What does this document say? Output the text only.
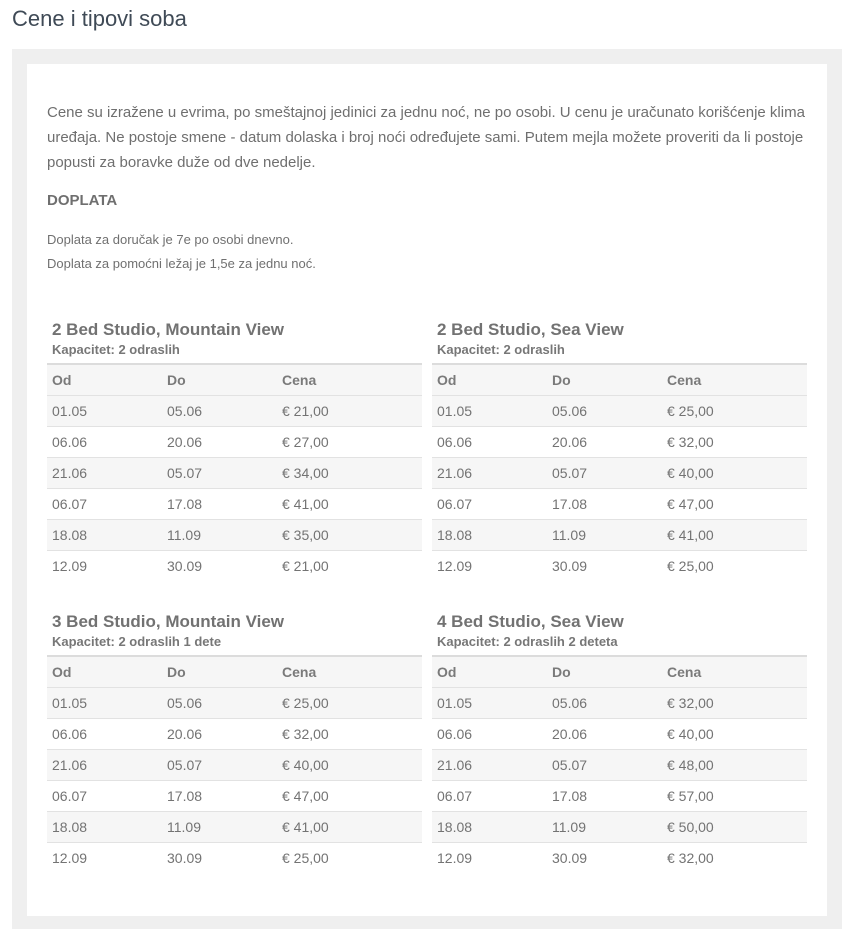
Cene i tipovi soba

Cene su izražene u evrima, po smeštajnoj jedinici za jednu noć, ne po osobi. U cenu je uračunato korišćenje klima uređaja. Ne postoje smene - datum dolaska i broj noći određujete sami. Putem mejla možete proveriti da li postoje popusti za boravke duže od dve nedelje.

DOPLATA

Doplata za doručak je 7e po osobi dnevno.

Doplata za pomoćni ležaj je 1,5e za jednu noć.

2 Bed Studio, Mountain View
Kapacitet: 2 odraslih
Od	Do	Cena
01.05	05.06	€ 21,00
06.06	20.06	€ 27,00
21.06	05.07	€ 34,00
06.07	17.08	€ 41,00
18.08	11.09	€ 35,00
12.09	30.09	€ 21,00
2 Bed Studio, Sea View
Kapacitet: 2 odraslih
Od	Do	Cena
01.05	05.06	€ 25,00
06.06	20.06	€ 32,00
21.06	05.07	€ 40,00
06.07	17.08	€ 47,00
18.08	11.09	€ 41,00
12.09	30.09	€ 25,00
3 Bed Studio, Mountain View
Kapacitet: 2 odraslih 1 dete
Od	Do	Cena
01.05	05.06	€ 25,00
06.06	20.06	€ 32,00
21.06	05.07	€ 40,00
06.07	17.08	€ 47,00
18.08	11.09	€ 41,00
12.09	30.09	€ 25,00
4 Bed Studio, Sea View
Kapacitet: 2 odraslih 2 deteta
Od	Do	Cena
01.05	05.06	€ 32,00
06.06	20.06	€ 40,00
21.06	05.07	€ 48,00
06.07	17.08	€ 57,00
18.08	11.09	€ 50,00
12.09	30.09	€ 32,00
